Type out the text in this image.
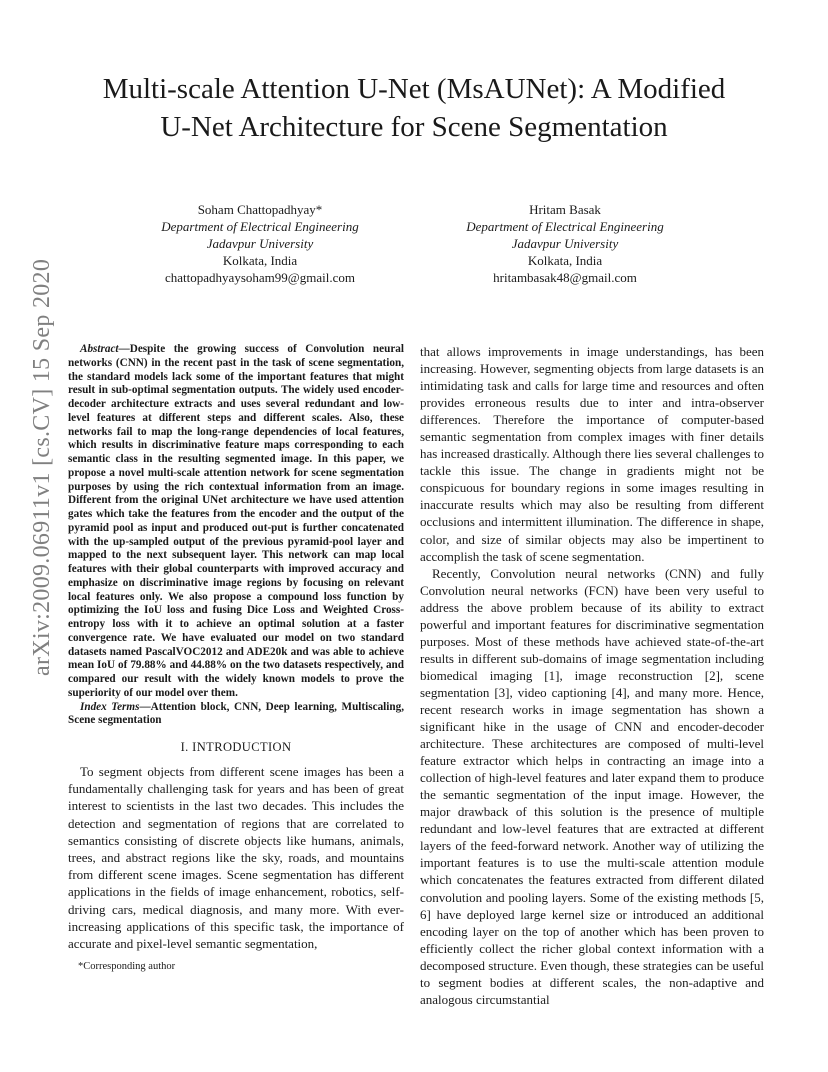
arXiv:2009.06911v1 [cs.CV] 15 Sep 2020
Multi-scale Attention U-Net (MsAUNet): A Modified U-Net Architecture for Scene Segmentation
Soham Chattopadhyay*
Department of Electrical Engineering
Jadavpur University
Kolkata, India
chattopadhyaysoham99@gmail.com
Hritam Basak
Department of Electrical Engineering
Jadavpur University
Kolkata, India
hritambasak48@gmail.com

Abstract—Despite the growing success of Convolution neural networks (CNN) in the recent past in the task of scene segmentation, the standard models lack some of the important features that might result in sub-optimal segmentation outputs. The widely used encoder-decoder architecture extracts and uses several redundant and low-level features at different steps and different scales. Also, these networks fail to map the long-range dependencies of local features, which results in discriminative feature maps corresponding to each semantic class in the resulting segmented image. In this paper, we propose a novel multi-scale attention network for scene segmentation purposes by using the rich contextual information from an image. Different from the original UNet architecture we have used attention gates which take the features from the encoder and the output of the pyramid pool as input and produced out-put is further concatenated with the up-sampled output of the previous pyramid-pool layer and mapped to the next subsequent layer. This network can map local features with their global counterparts with improved accuracy and emphasize on discriminative image regions by focusing on relevant local features only. We also propose a compound loss function by optimizing the IoU loss and fusing Dice Loss and Weighted Cross-entropy loss with it to achieve an optimal solution at a faster convergence rate. We have evaluated our model on two standard datasets named PascalVOC2012 and ADE20k and was able to achieve mean IoU of 79.88% and 44.88% on the two datasets respectively, and compared our result with the widely known models to prove the superiority of our model over them.

Index Terms—Attention block, CNN, Deep learning, Multiscaling, Scene segmentation

I. INTRODUCTION

To segment objects from different scene images has been a fundamentally challenging task for years and has been of great interest to scientists in the last two decades. This includes the detection and segmentation of regions that are correlated to semantics consisting of discrete objects like humans, animals, trees, and abstract regions like the sky, roads, and mountains from different scene images. Scene segmentation has different applications in the fields of image enhancement, robotics, self-driving cars, medical diagnosis, and many more. With ever-increasing applications of this specific task, the importance of accurate and pixel-level semantic segmentation,

that allows improvements in image understandings, has been increasing. However, segmenting objects from large datasets is an intimidating task and calls for large time and resources and often provides erroneous results due to inter and intra-observer differences. Therefore the importance of computer-based semantic segmentation from complex images with finer details has increased drastically. Although there lies several challenges to tackle this issue. The change in gradients might not be conspicuous for boundary regions in some images resulting in inaccurate results which may also be resulting from different occlusions and intermittent illumination. The difference in shape, color, and size of similar objects may also be impertinent to accomplish the task of scene segmentation.

Recently, Convolution neural networks (CNN) and fully Convolution neural networks (FCN) have been very useful to address the above problem because of its ability to extract powerful and important features for discriminative segmentation purposes. Most of these methods have achieved state-of-the-art results in different sub-domains of image segmentation including biomedical imaging [1], image reconstruction [2], scene segmentation [3], video captioning [4], and many more. Hence, recent research works in image segmentation has shown a significant hike in the usage of CNN and encoder-decoder architecture. These architectures are composed of multi-level feature extractor which helps in contracting an image into a collection of high-level features and later expand them to produce the semantic segmentation of the input image. However, the major drawback of this solution is the presence of multiple redundant and low-level features that are extracted at different layers of the feed-forward network. Another way of utilizing the important features is to use the multi-scale attention module which concatenates the features extracted from different dilated convolution and pooling layers. Some of the existing methods [5, 6] have deployed large kernel size or introduced an additional encoding layer on the top of another which has been proven to efficiently collect the richer global context information with a decomposed structure. Even though, these strategies can be useful to segment bodies at different scales, the non-adaptive and analogous circumstantial

*Corresponding author
